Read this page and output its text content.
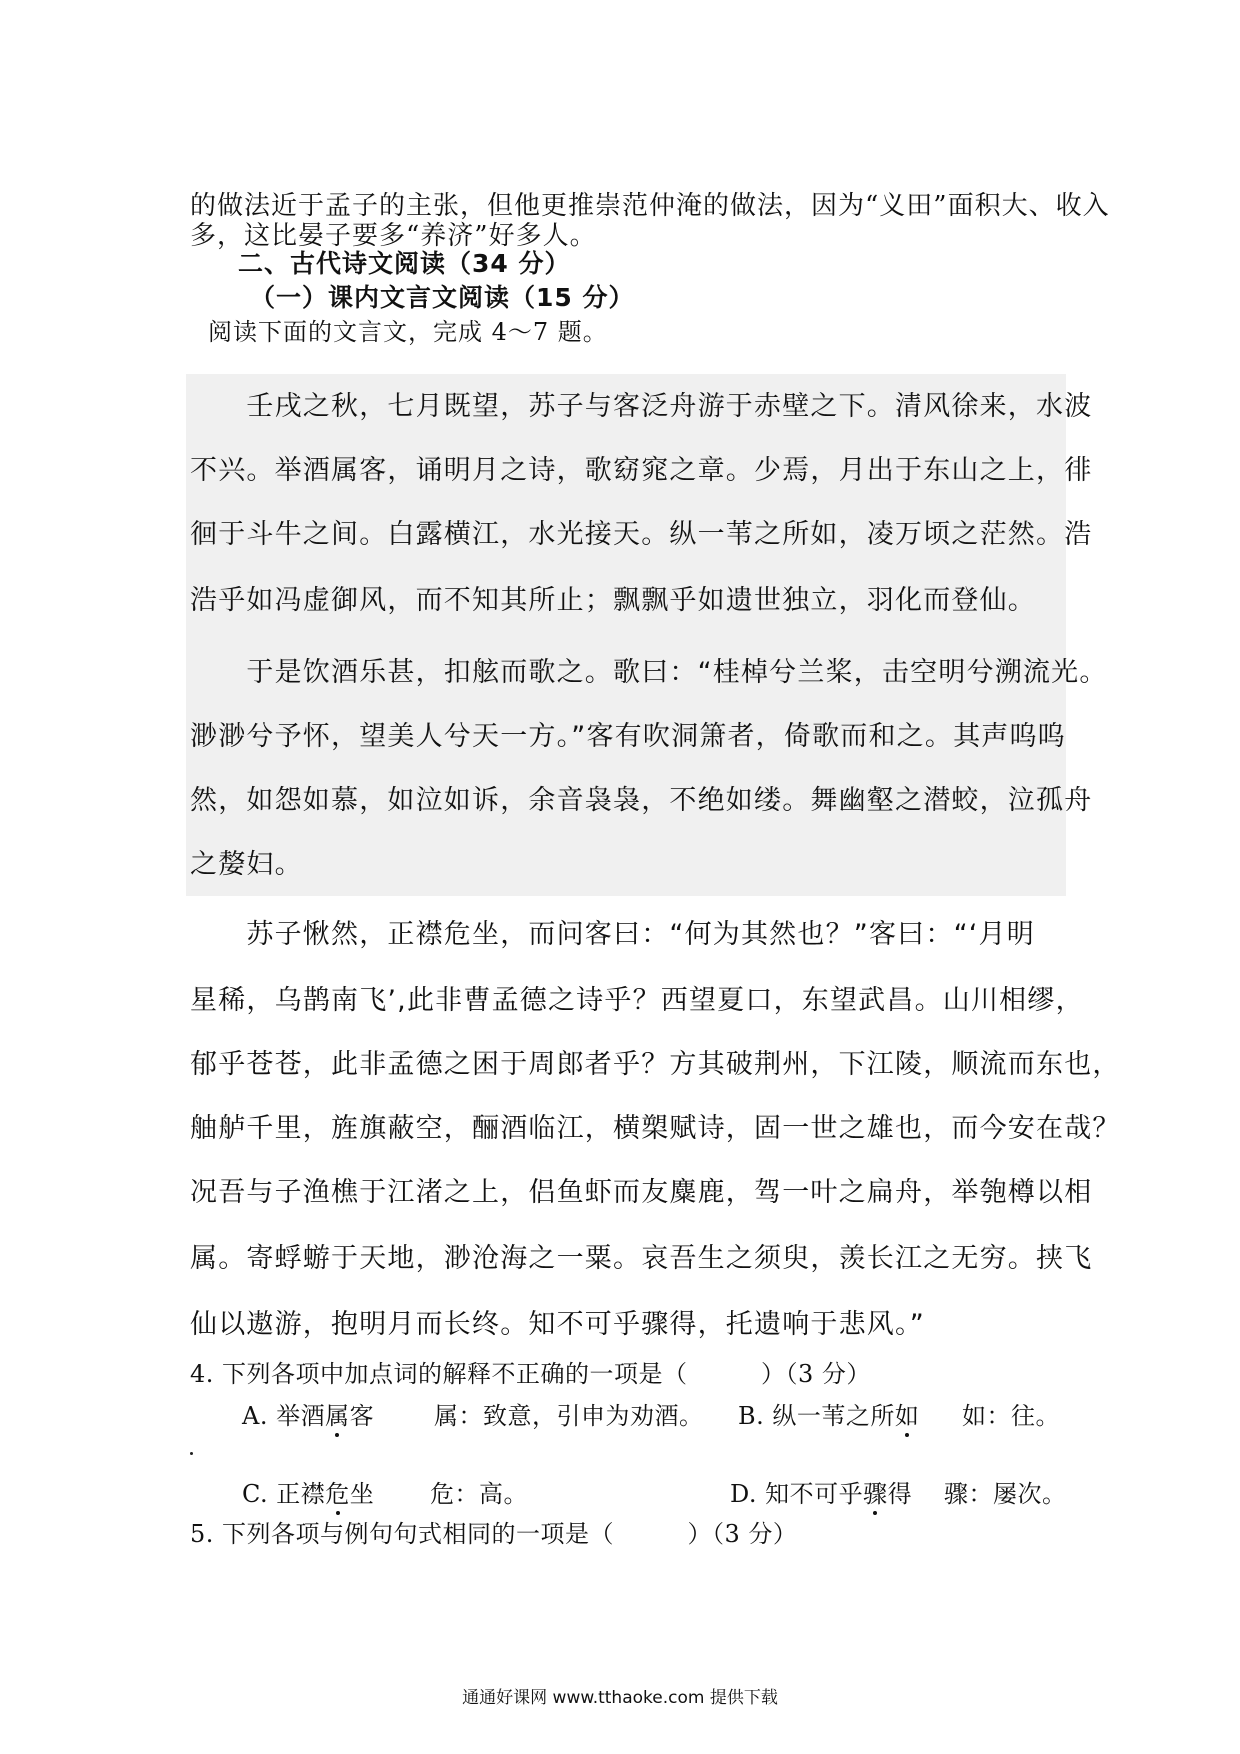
的做法近于孟子的主张，但他更推崇范仲淹的做法，因为“义田”面积大、收入
多，这比晏子要多“养济”好多人。
二、古代诗文阅读（34 分）
（一）课内文言文阅读（15 分）
阅读下面的文言文，完成 4～7 题。
　　壬戌之秋，七月既望，苏子与客泛舟游于赤壁之下。清风徐来，水波
不兴。举酒属客，诵明月之诗，歌窈窕之章。少焉，月出于东山之上，徘
徊于斗牛之间。白露横江，水光接天。纵一苇之所如，凌万顷之茫然。浩
浩乎如冯虚御风，而不知其所止；飘飘乎如遗世独立，羽化而登仙。
　　于是饮酒乐甚，扣舷而歌之。歌曰：“桂棹兮兰桨，击空明兮溯流光。
渺渺兮予怀，望美人兮天一方。”客有吹洞箫者，倚歌而和之。其声呜呜
然，如怨如慕，如泣如诉，余音袅袅，不绝如缕。舞幽壑之潜蛟，泣孤舟
之嫠妇。
　　苏子愀然，正襟危坐，而问客曰：“何为其然也？”客曰：“‘月明
星稀，乌鹊南飞’,此非曹孟德之诗乎？西望夏口，东望武昌。山川相缪，
郁乎苍苍，此非孟德之困于周郎者乎？方其破荆州，下江陵，顺流而东也，
舳舻千里，旌旗蔽空，酾酒临江，横槊赋诗，固一世之雄也，而今安在哉？
况吾与子渔樵于江渚之上，侣鱼虾而友麋鹿，驾一叶之扁舟，举匏樽以相
属。寄蜉蝣于天地，渺沧海之一粟。哀吾生之须臾，羡长江之无穷。挟飞
仙以遨游，抱明月而长终。知不可乎骤得，托遗响于悲风。”
4. 下列各项中加点词的解释不正确的一项是（　　　）（3 分）
A. 举酒属客 属：致意，引申为劝酒。 B. 纵一苇之所如 如：往。
C. 正襟危坐 危：高。	D. 知不可乎骤得 骤：屡次。
5. 下列各项与例句句式相同的一项是（　　　）（3 分）
通通好课网 www.tthaoke.com 提供下载
